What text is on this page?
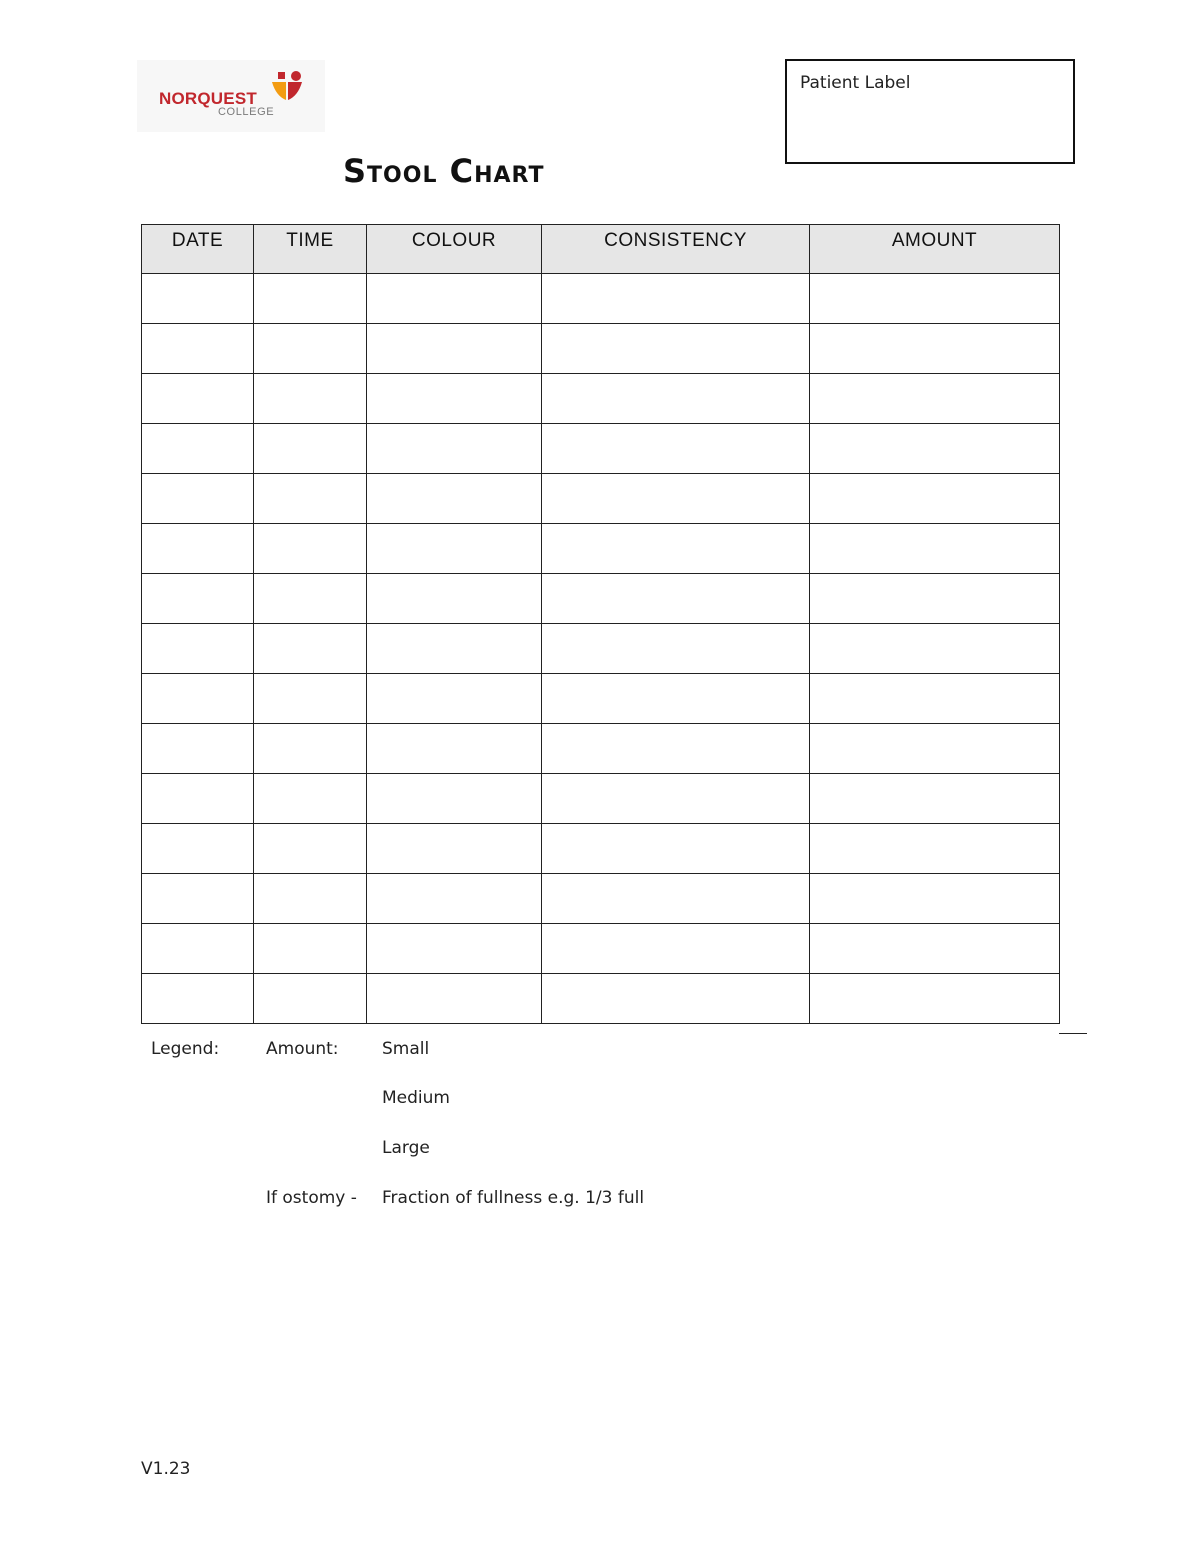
NORQUEST
COLLEGE
Patient Label
Stool Chart
DATE	TIME	COLOUR	CONSISTENCY	AMOUNT

Legend:	Amount:	Small
Medium
Large
If ostomy - Fraction of fullness e.g. 1/3 full
V1.23
